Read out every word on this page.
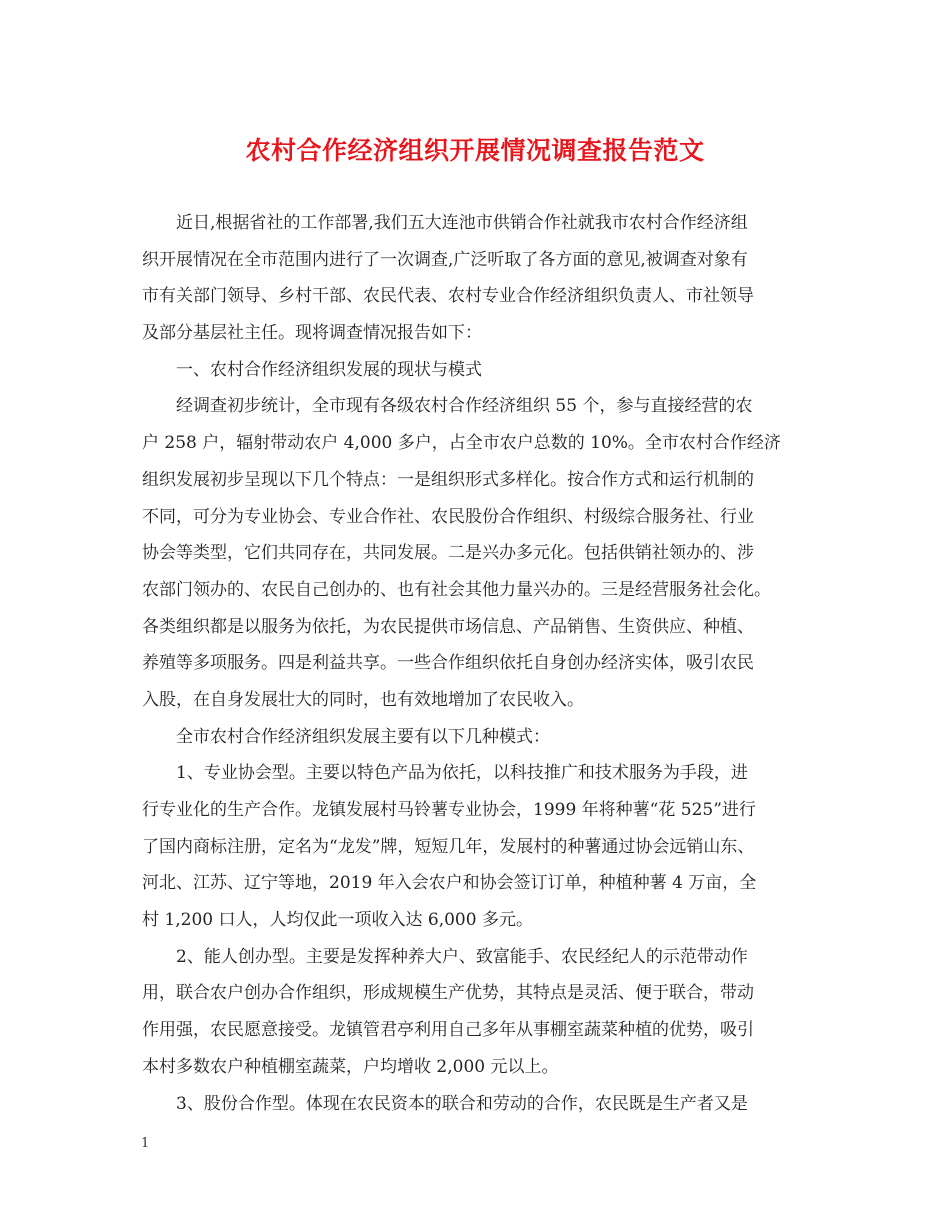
农村合作经济组织开展情况调查报告范文
近日,根据省社的工作部署,我们五大连池市供销合作社就我市农村合作经济组
织开展情况在全市范围内进行了一次调查,广泛听取了各方面的意见,被调查对象有
市有关部门领导、乡村干部、农民代表、农村专业合作经济组织负责人、市社领导
及部分基层社主任。现将调查情况报告如下：
一、农村合作经济组织发展的现状与模式
经调查初步统计，全市现有各级农村合作经济组织 55 个，参与直接经营的农
户 258 户，辐射带动农户 4,000 多户，占全市农户总数的 10%。全市农村合作经济
组织发展初步呈现以下几个特点：一是组织形式多样化。按合作方式和运行机制的
不同，可分为专业协会、专业合作社、农民股份合作组织、村级综合服务社、行业
协会等类型，它们共同存在，共同发展。二是兴办多元化。包括供销社领办的、涉
农部门领办的、农民自己创办的、也有社会其他力量兴办的。三是经营服务社会化。
各类组织都是以服务为依托，为农民提供市场信息、产品销售、生资供应、种植、
养殖等多项服务。四是利益共享。一些合作组织依托自身创办经济实体，吸引农民
入股，在自身发展壮大的同时，也有效地增加了农民收入。
全市农村合作经济组织发展主要有以下几种模式：
1、专业协会型。主要以特色产品为依托，以科技推广和技术服务为手段，进
行专业化的生产合作。龙镇发展村马铃薯专业协会，1999 年将种薯“花 525”进行
了国内商标注册，定名为“龙发”牌，短短几年，发展村的种薯通过协会远销山东、
河北、江苏、辽宁等地，2019 年入会农户和协会签订订单，种植种薯 4 万亩，全
村 1,200 口人，人均仅此一项收入达 6,000 多元。
2、能人创办型。主要是发挥种养大户、致富能手、农民经纪人的示范带动作
用，联合农户创办合作组织，形成规模生产优势，其特点是灵活、便于联合，带动
作用强，农民愿意接受。龙镇管君亭利用自己多年从事棚室蔬菜种植的优势，吸引
本村多数农户种植棚室蔬菜，户均增收 2,000 元以上。
3、股份合作型。体现在农民资本的联合和劳动的合作，农民既是生产者又是
1
